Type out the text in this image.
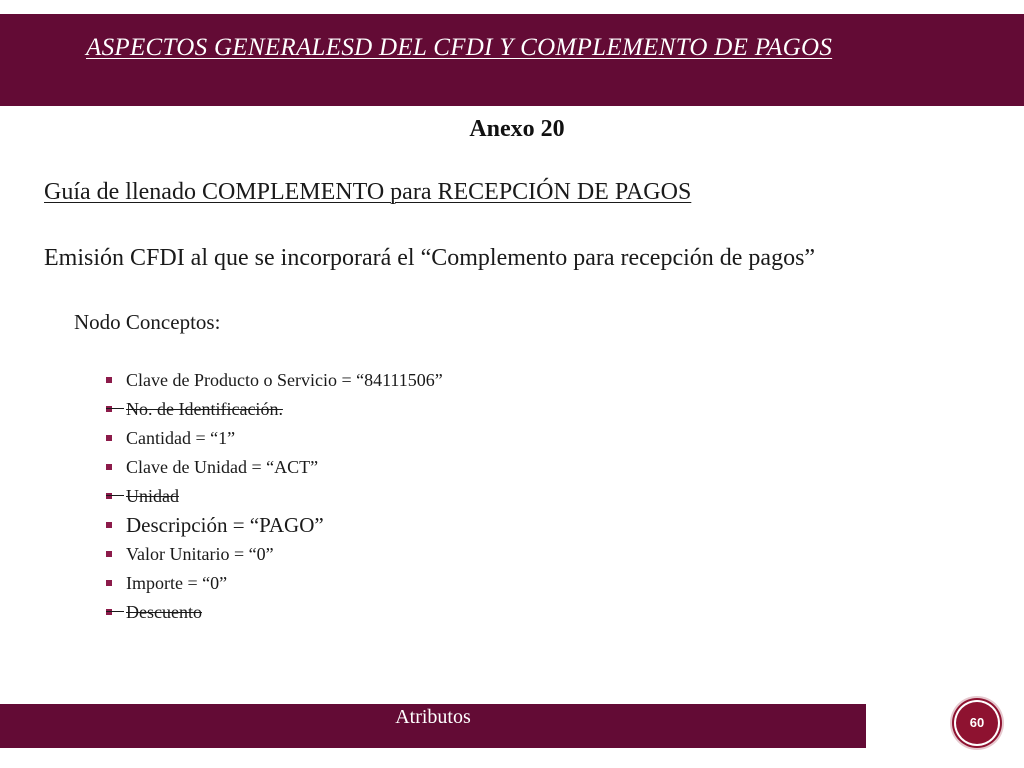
ASPECTOS GENERALESD DEL CFDI Y COMPLEMENTO DE PAGOS
Anexo 20
Guía de llenado COMPLEMENTO para RECEPCIÓN DE PAGOS
Emisión CFDI al que se incorporará el “Complemento para recepción de pagos”
Nodo Conceptos:
Clave de Producto o Servicio = “84111506”
No. de Identificación.
Cantidad = “1”
Clave de Unidad = “ACT”
Unidad
Descripción = “PAGO”
Valor Unitario = “0”
Importe = “0”
Descuento
Atributos	60
